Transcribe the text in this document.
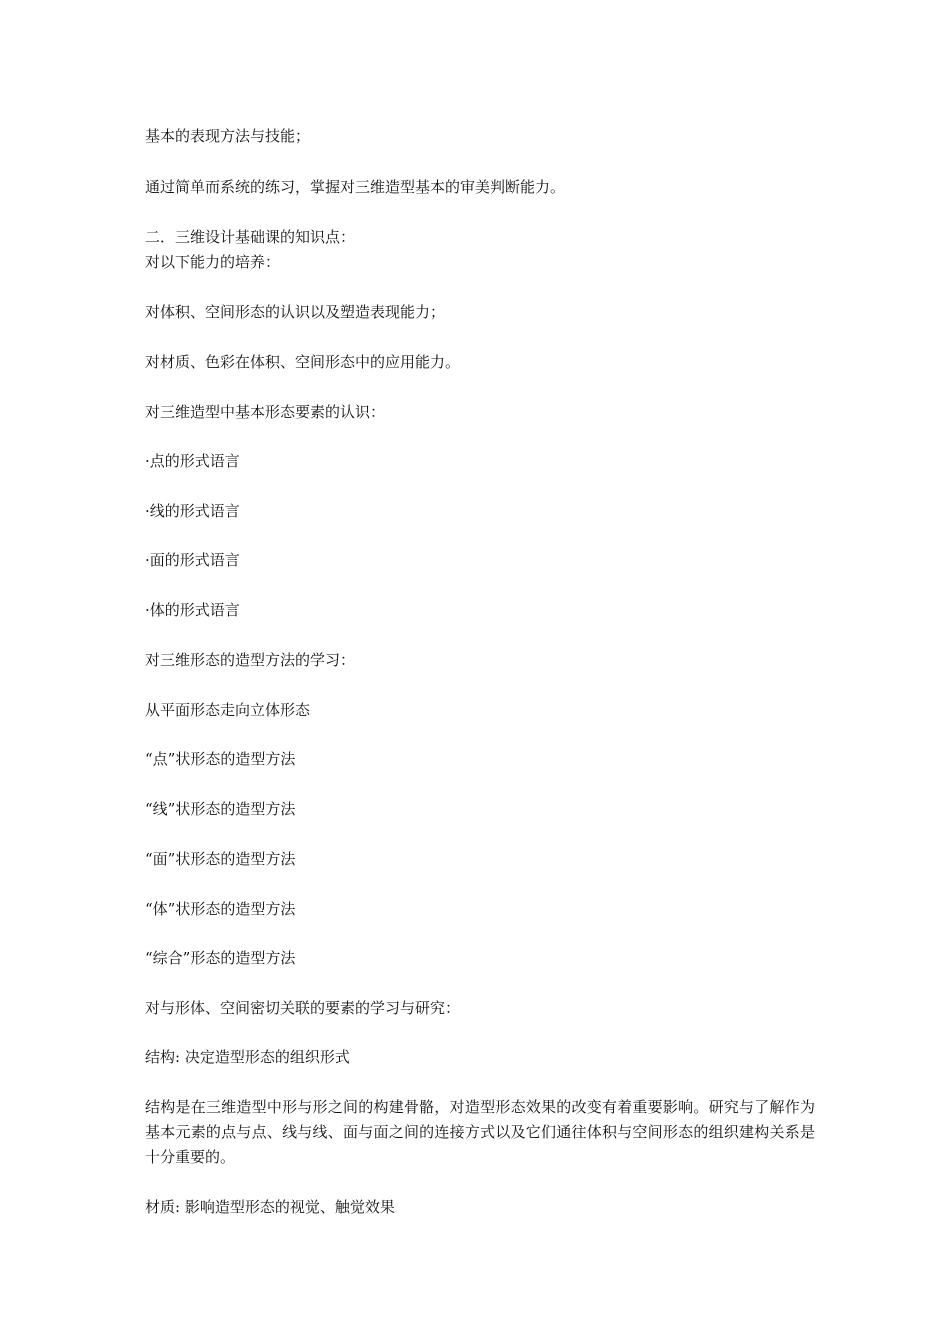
基本的表现方法与技能；
通过简单而系统的练习，掌握对三维造型基本的审美判断能力。
二．三维设计基础课的知识点：
对以下能力的培养：
对体积、空间形态的认识以及塑造表现能力；
对材质、色彩在体积、空间形态中的应用能力。
对三维造型中基本形态要素的认识：
·点的形式语言
·线的形式语言
·面的形式语言
·体的形式语言
对三维形态的造型方法的学习：
从平面形态走向立体形态
“点”状形态的造型方法
“线”状形态的造型方法
“面”状形态的造型方法
“体”状形态的造型方法
“综合”形态的造型方法
对与形体、空间密切关联的要素的学习与研究：
结构: 决定造型形态的组织形式
结构是在三维造型中形与形之间的构建骨骼，对造型形态效果的改变有着重要影响。研究与了解作为基本元素的点与点、线与线、面与面之间的连接方式以及它们通往体积与空间形态的组织建构关系是十分重要的。
材质: 影响造型形态的视觉、触觉效果
